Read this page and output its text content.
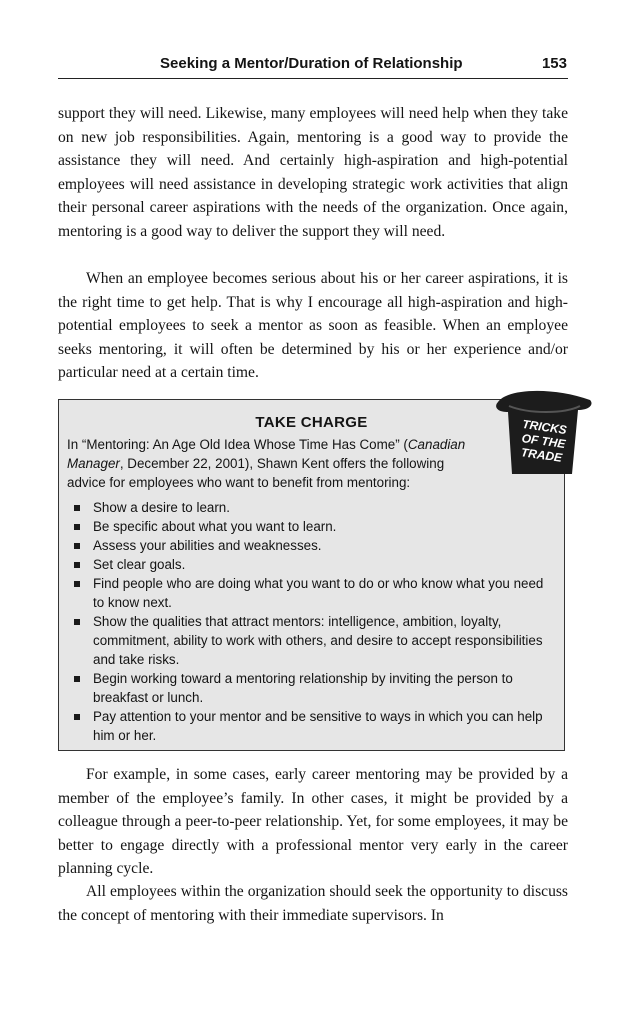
Seeking a Mentor/Duration of Relationship	153

support they will need. Likewise, many employees will need help when they take on new job responsibilities. Again, mentoring is a good way to provide the assistance they will need. And certainly high-aspiration and high-potential employees will need assistance in developing strategic work activities that align their personal career aspirations with the needs of the organization. Once again, mentoring is a good way to deliver the support they will need.

When an employee becomes serious about his or her career aspirations, it is the right time to get help. That is why I encourage all high-aspiration and high-potential employees to seek a mentor as soon as feasible. When an employee seeks mentoring, it will often be determined by his or her experience and/or particular need at a certain time.

TAKE CHARGE

In “Mentoring: An Age Old Idea Whose Time Has Come” (Canadian Manager, December 22, 2001), Shawn Kent offers the following advice for employees who want to benefit from mentoring:

Show a desire to learn.
Be specific about what you want to learn.
Assess your abilities and weaknesses.
Set clear goals.
Find people who are doing what you want to do or who know what you need to know next.
Show the qualities that attract mentors: intelligence, ambition, loyalty, commitment, ability to work with others, and desire to accept responsibilities and take risks.
Begin working toward a mentoring relationship by inviting the person to breakfast or lunch.
Pay attention to your mentor and be sensitive to ways in which you can help him or her.
TRICKS
OF THE
TRADE

For example, in some cases, early career mentoring may be provided by a member of the employee’s family. In other cases, it might be provided by a colleague through a peer-to-peer relationship. Yet, for some employees, it may be better to engage directly with a professional mentor very early in the career planning cycle.

All employees within the organization should seek the opportunity to discuss the concept of mentoring with their immediate supervisors. In
